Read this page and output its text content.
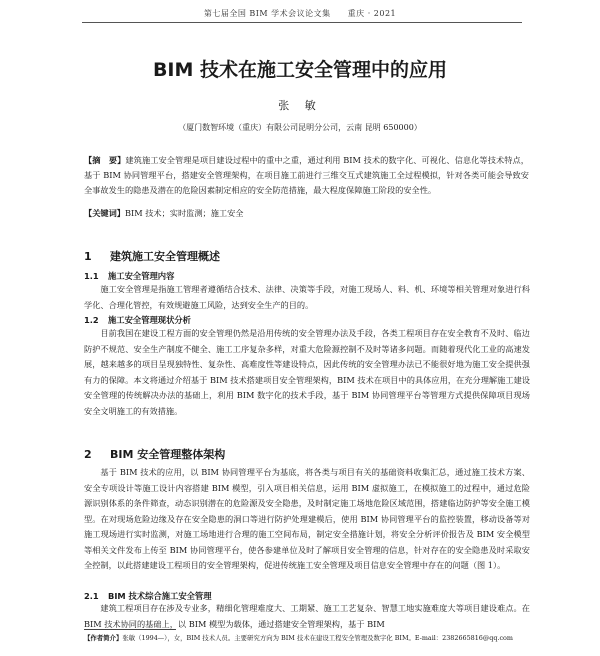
第七届全国 BIM 学术会议论文集　　重庆 · 2021
BIM 技术在施工安全管理中的应用
张 敏
（厦门数智环境（重庆）有限公司昆明分公司，云南 昆明 650000）
【摘　要】建筑施工安全管理是项目建设过程中的重中之重，通过利用 BIM 技术的数字化、可视化、信息化等技术特点，基于 BIM 协同管理平台，搭建安全管理架构，在项目施工前进行三维交互式建筑施工全过程模拟，针对各类可能会导致安全事故发生的隐患及潜在的危险因素制定相应的安全防范措施，最大程度保障施工阶段的安全性。
【关键词】BIM 技术；实时监测；施工安全
1 建筑施工安全管理概述
1.1 施工安全管理内容
施工安全管理是指施工管理者遵循结合技术、法律、决策等手段，对施工现场人、料、机、环境等相关管理对象进行科学化、合理化管控，有效规避施工风险，达到安全生产的目的。
1.2 施工安全管理现状分析
目前我国在建设工程方面的安全管理仍然是沿用传统的安全管理办法及手段，各类工程项目存在安全教育不及时、临边防护不规范、安全生产制度不健全、施工工序复杂多样，对重大危险源控制不及时等诸多问题。而随着现代化工业的高速发展，越来越多的项目呈现独特性、复杂性、高难度性等建设特点，因此传统的安全管理办法已不能很好地为施工安全提供强有力的保障。本文将通过介绍基于 BIM 技术搭建项目安全管理架构，BIM 技术在项目中的具体应用，在充分理解施工建设安全管理的传统解决办法的基础上，利用 BIM 数字化的技术手段，基于 BIM 协同管理平台等管理方式提供保障项目现场安全文明施工的有效措施。
2 BIM 安全管理整体架构
基于 BIM 技术的应用，以 BIM 协同管理平台为基底，将各类与项目有关的基础资料收集汇总，通过施工技术方案、安全专项设计等施工设计内容搭建 BIM 模型，引入项目相关信息，运用 BIM 虚拟施工，在模拟施工的过程中，通过危险源识别体系的条件筛查，动态识别潜在的危险源及安全隐患，及时制定施工场地危险区域范围，搭建临边防护等安全施工模型。在对现场危险边缘及存在安全隐患的洞口等进行防护处理建模后，使用 BIM 协同管理平台的监控装置，移动设备等对施工现场进行实时监测，对施工场地进行合理的施工空间布局，制定安全措施计划，将安全分析评价报告及 BIM 安全模型等相关文件发布上传至 BIM 协同管理平台，使各参建单位及时了解项目安全管理的信息，针对存在的安全隐患及时采取安全控制，以此搭建建设工程项目的安全管理架构，促进传统施工安全管理及项目信息安全管理中存在的问题（图 1）。
2.1 BIM 技术综合施工安全管理
建筑工程项目存在涉及专业多，精细化管理难度大、工期紧、施工工艺复杂、智慧工地实施难度大等项目建设难点。在 BIM 技术协同的基础上，以 BIM 模型为载体，通过搭建安全管理架构，基于 BIM
【作者简介】张敏（1994—），女，BIM 技术人员。主要研究方向为 BIM 技术在建设工程安全管理及数字化 BIM。E-mail：2382665816@qq.com
